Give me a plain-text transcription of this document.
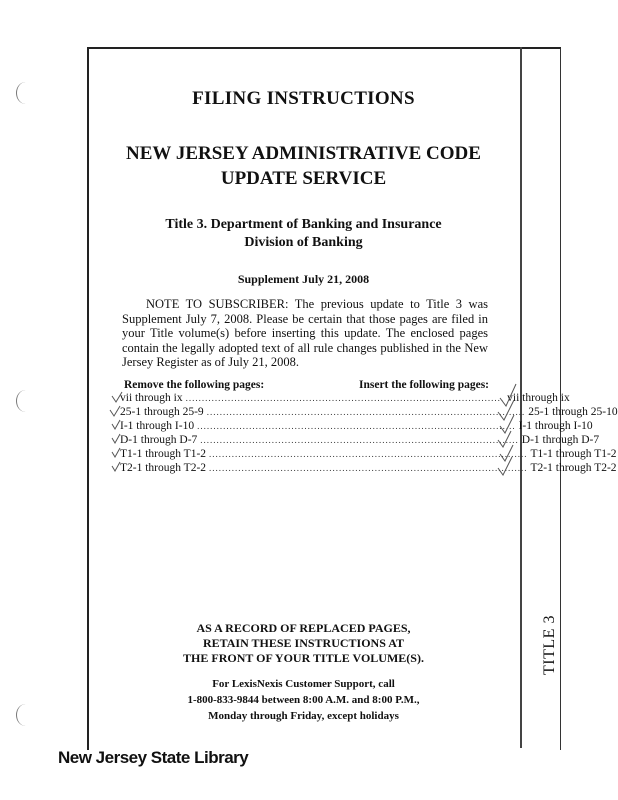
TITLE 3
FILING INSTRUCTIONS
NEW JERSEY ADMINISTRATIVE CODE
UPDATE SERVICE
Title 3. Department of Banking and Insurance
Division of Banking
Supplement July 21, 2008
NOTE TO SUBSCRIBER: The previous update to Title 3 was Supplement July 7, 2008. Please be certain that those pages are filed in your Title volume(s) before inserting this update. The enclosed pages contain the legally adopted text of all rule changes published in the New Jersey Register as of July 21, 2008.
Remove the following pages:	Insert the following pages:
vii through ix .................................................................................................. vii through ix
25-1 through 25-9 .................................................................................................. 25-1 through 25-10
I-1 through I-10 .................................................................................................. I-1 through I-10
D-1 through D-7 .................................................................................................. D-1 through D-7
T1-1 through T1-2 .................................................................................................. T1-1 through T1-2
T2-1 through T2-2 .................................................................................................. T2-1 through T2-2
AS A RECORD OF REPLACED PAGES,
RETAIN THESE INSTRUCTIONS AT
THE FRONT OF YOUR TITLE VOLUME(S).
For LexisNexis Customer Support, call
1-800-833-9844 between 8:00 A.M. and 8:00 P.M.,
Monday through Friday, except holidays
New Jersey State Library
